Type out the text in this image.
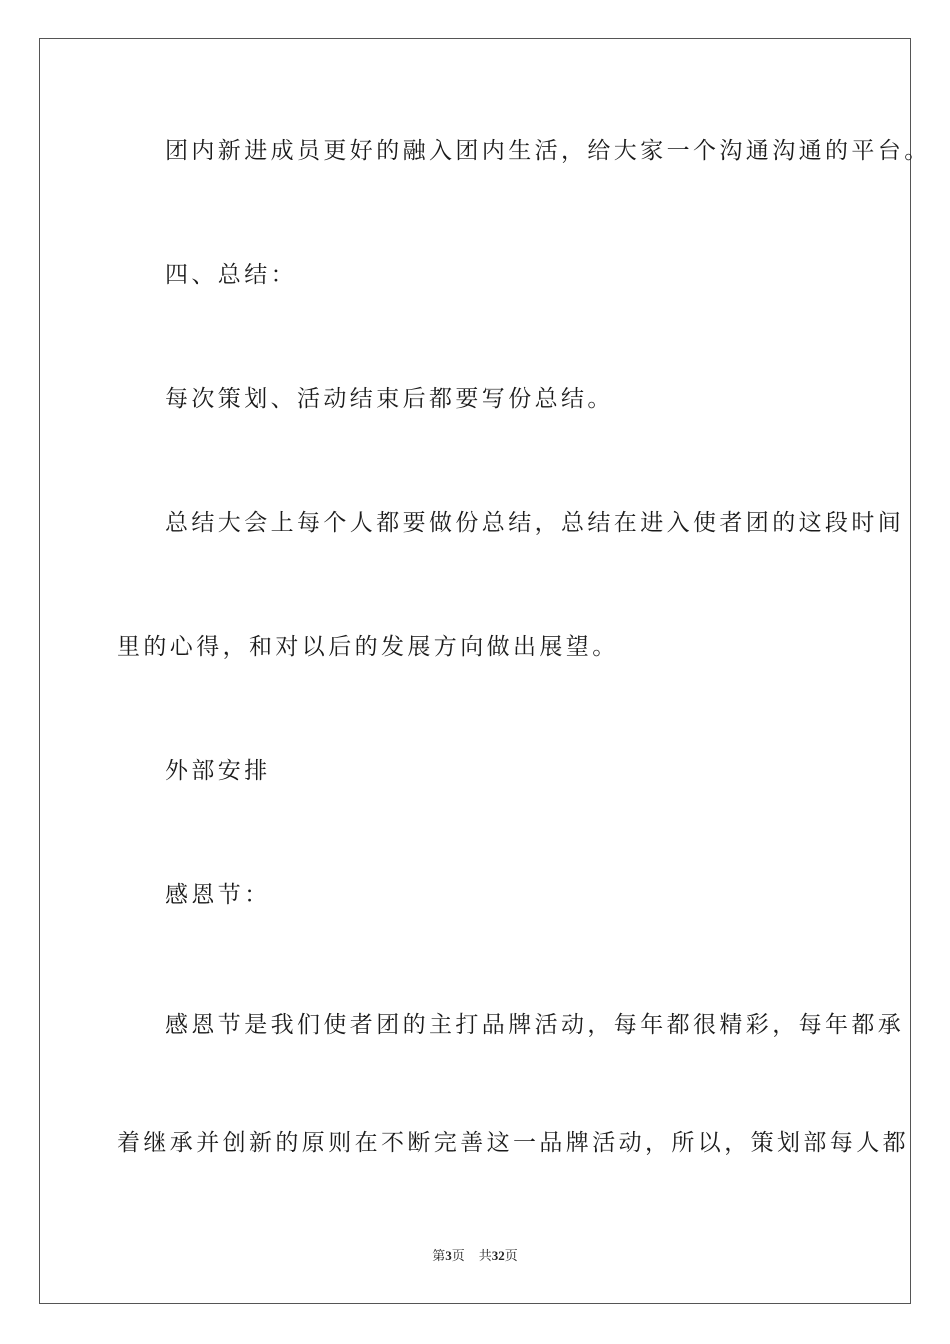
团内新进成员更好的融入团内生活，给大家一个沟通沟通的平台。
四、总结：
每次策划、活动结束后都要写份总结。
总结大会上每个人都要做份总结，总结在进入使者团的这段时间
里的心得，和对以后的发展方向做出展望。
外部安排
感恩节：
感恩节是我们使者团的主打品牌活动，每年都很精彩，每年都承
着继承并创新的原则在不断完善这一品牌活动，所以，策划部每人都
第3页 共32页
